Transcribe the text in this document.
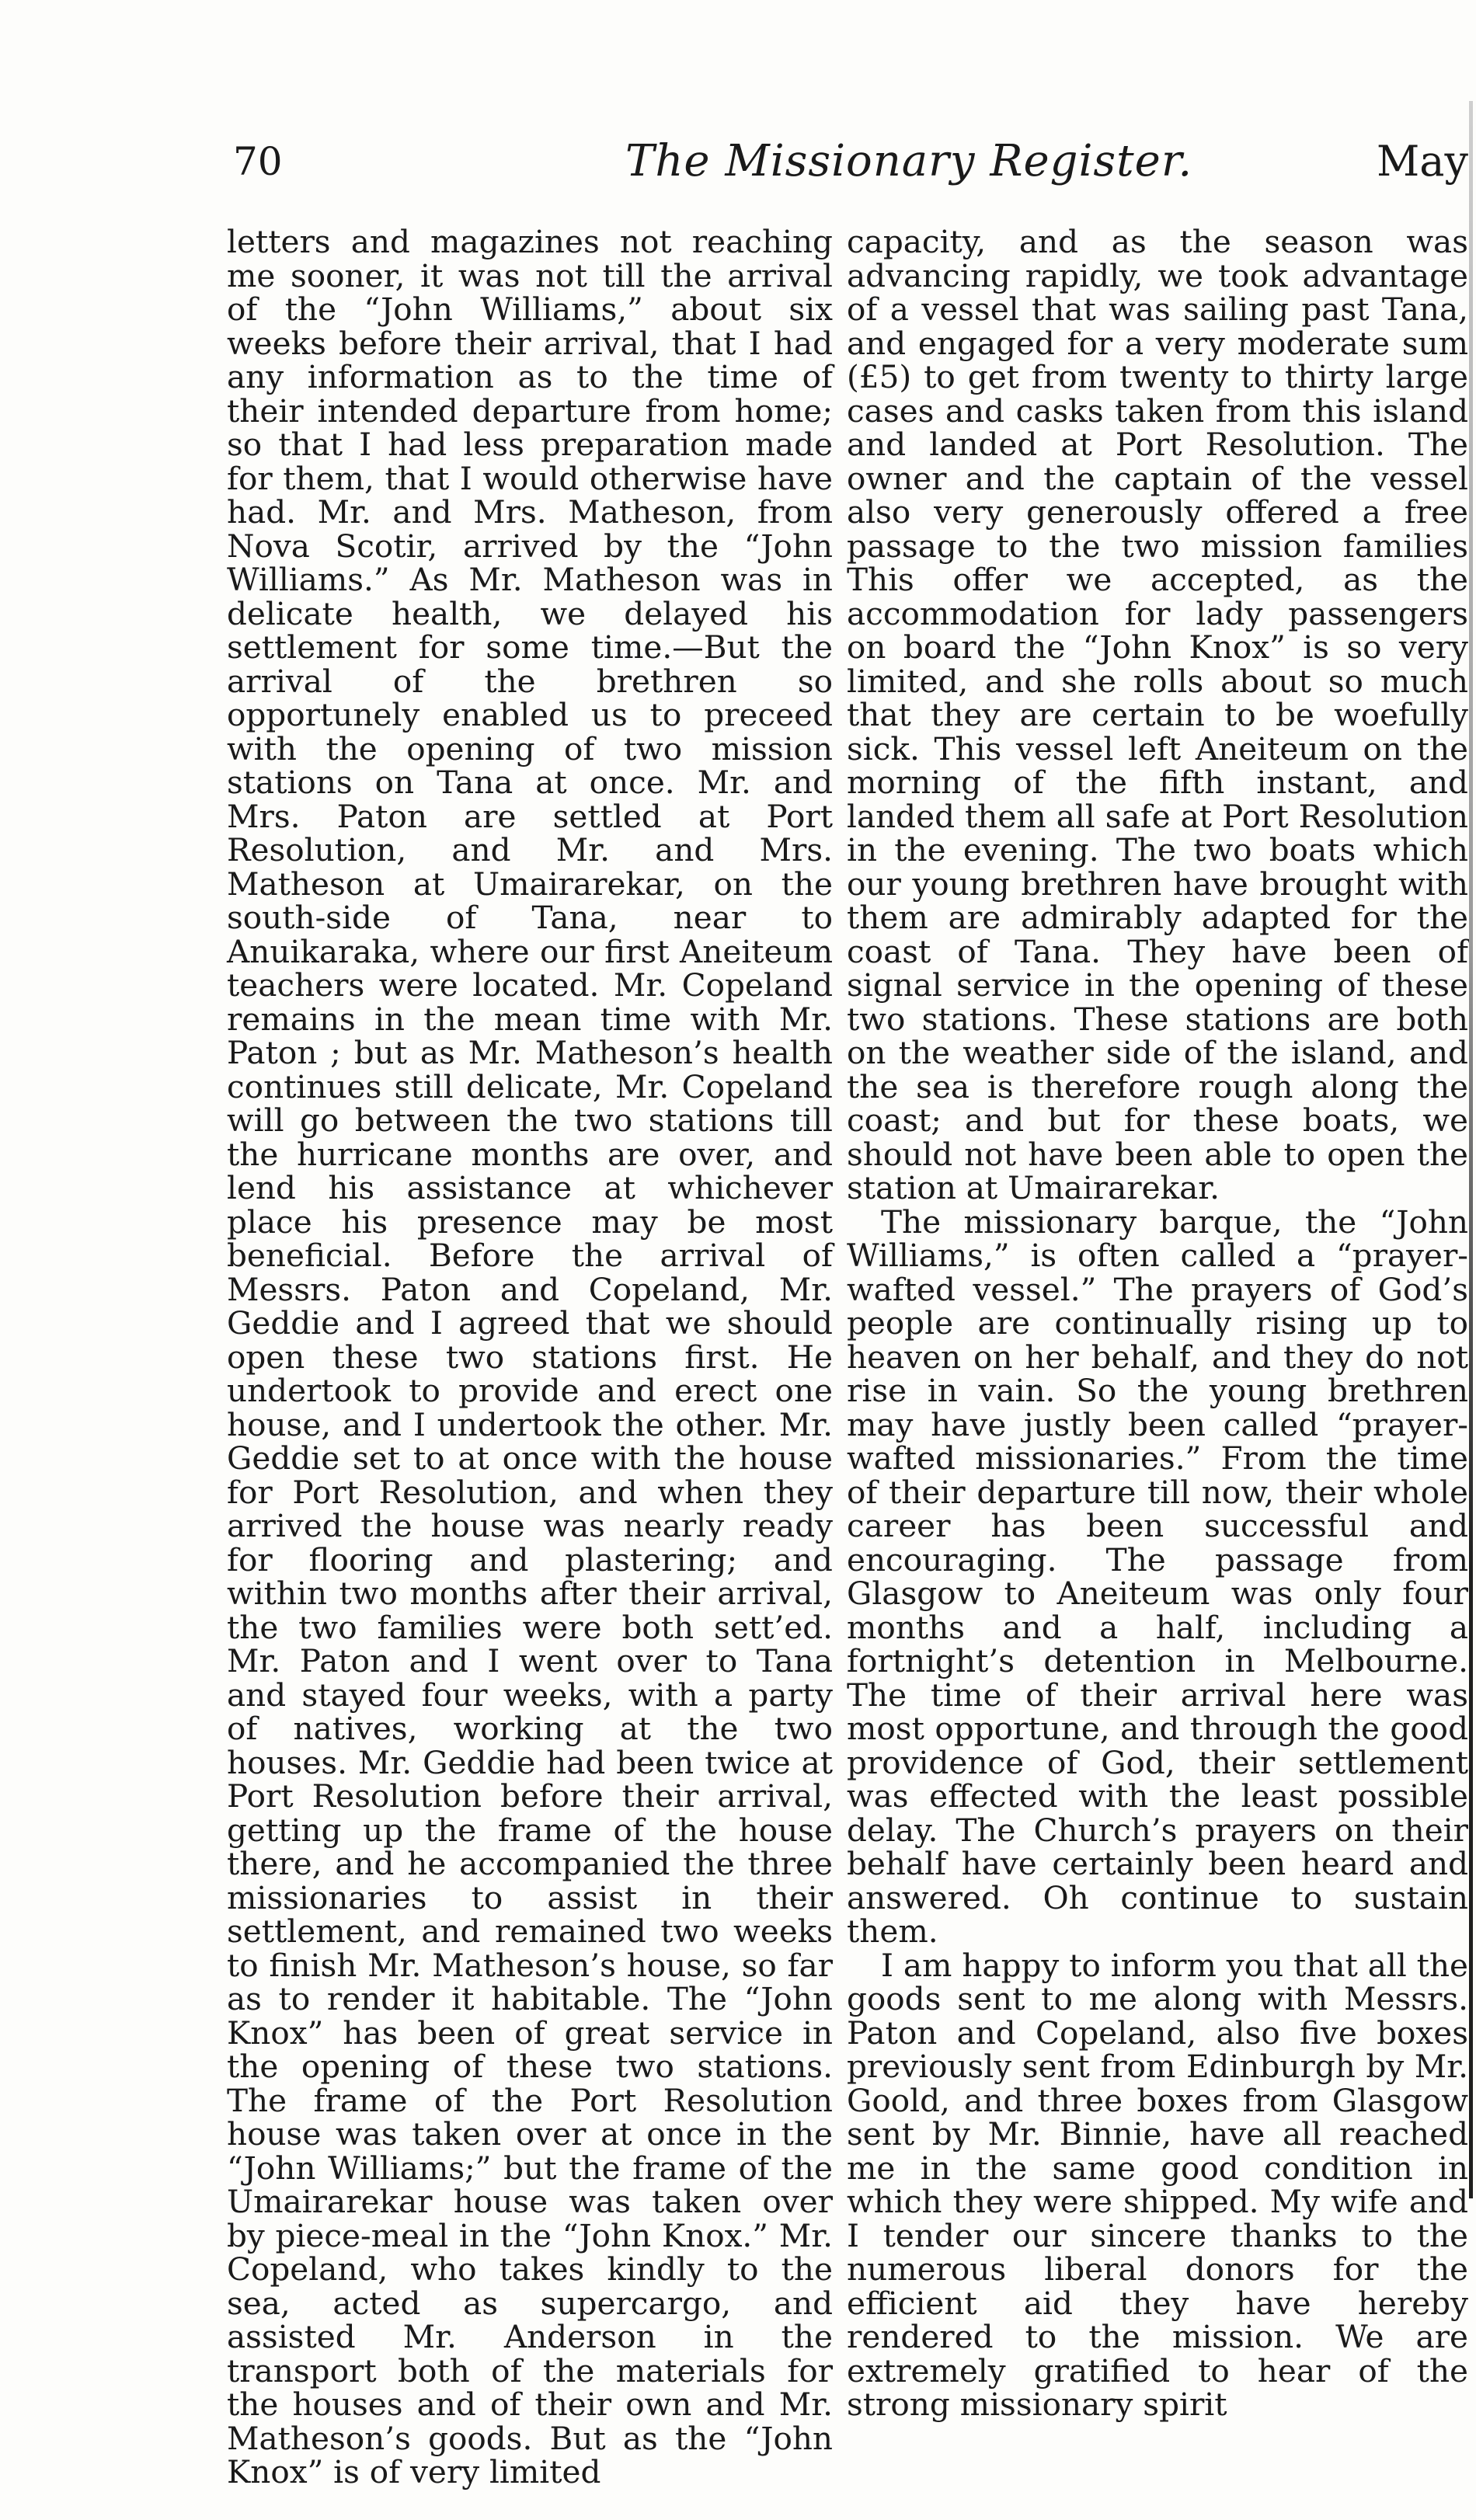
70	The Missionary Register.	May

letters and magazines not reaching me sooner, it was not till the arrival of the “John Williams,” about six weeks before their arrival, that I had any information as to the time of their intended departure from home; so that I had less preparation made for them, that I would otherwise have had. Mr. and Mrs. Matheson, from Nova Scotir, arrived by the “John Williams.” As Mr. Matheson was in delicate health, we delayed his settlement for some time.—But the arrival of the brethren so opportunely enabled us to preceed with the opening of two mission stations on Tana at once. Mr. and Mrs. Paton are settled at Port Resolution, and Mr. and Mrs. Matheson at Umairarekar, on the south-side of Tana, near to Anuikaraka, where our first Aneiteum teachers were located. Mr. Copeland remains in the mean time with Mr. Paton ; but as Mr. Matheson’s health continues still delicate, Mr. Copeland will go between the two stations till the hurricane months are over, and lend his assistance at whichever place his presence may be most beneficial. Before the arrival of Messrs. Paton and Copeland, Mr. Geddie and I agreed that we should open these two stations first. He undertook to provide and erect one house, and I undertook the other. Mr. Geddie set to at once with the house for Port Resolution, and when they arrived the house was nearly ready for flooring and plastering; and within two months after their arrival, the two families were both sett’ed. Mr. Paton and I went over to Tana and stayed four weeks, with a party of natives, working at the two houses. Mr. Geddie had been twice at Port Resolution before their arrival, getting up the frame of the house there, and he accompanied the three missionaries to assist in their settlement, and remained two weeks to finish Mr. Matheson’s house, so far as to render it habitable. The “John Knox” has been of great service in the opening of these two stations. The frame of the Port Resolution house was taken over at once in the “John Williams;” but the frame of the Umairarekar house was taken over by piece-meal in the “John Knox.” Mr. Copeland, who takes kindly to the sea, acted as supercargo, and assisted Mr. Anderson in the transport both of the materials for the houses and of their own and Mr. Matheson’s goods. But as the “John Knox” is of very limited

capacity, and as the season was advancing rapidly, we took advantage of a vessel that was sailing past Tana, and engaged for a very moderate sum (£5) to get from twenty to thirty large cases and casks taken from this island and landed at Port Resolution. The owner and the captain of the vessel also very generously offered a free passage to the two mission families This offer we accepted, as the accommodation for lady passengers on board the “John Knox” is so very limited, and she rolls about so much that they are certain to be woefully sick. This vessel left Aneiteum on the morning of the fifth instant, and landed them all safe at Port Resolution in the evening. The two boats which our young brethren have brought with them are admirably adapted for the coast of Tana. They have been of signal service in the opening of these two stations. These stations are both on the weather side of the island, and the sea is therefore rough along the coast; and but for these boats, we should not have been able to open the station at Umairarekar.

The missionary barque, the “John Williams,” is often called a “prayer-wafted vessel.” The prayers of God’s people are continually rising up to heaven on her behalf, and they do not rise in vain. So the young brethren may have justly been called “prayer-wafted missionaries.” From the time of their departure till now, their whole career has been successful and encouraging. The passage from Glasgow to Aneiteum was only four months and a half, including a fortnight’s detention in Melbourne. The time of their arrival here was most opportune, and through the good providence of God, their settlement was effected with the least possible delay. The Church’s prayers on their behalf have certainly been heard and answered. Oh continue to sustain them.

I am happy to inform you that all the goods sent to me along with Messrs. Paton and Copeland, also five boxes previously sent from Edinburgh by Mr. Goold, and three boxes from Glasgow sent by Mr. Binnie, have all reached me in the same good condition in which they were shipped. My wife and I tender our sincere thanks to the numerous liberal donors for the efficient aid they have hereby rendered to the mission. We are extremely gratified to hear of the strong missionary spirit
